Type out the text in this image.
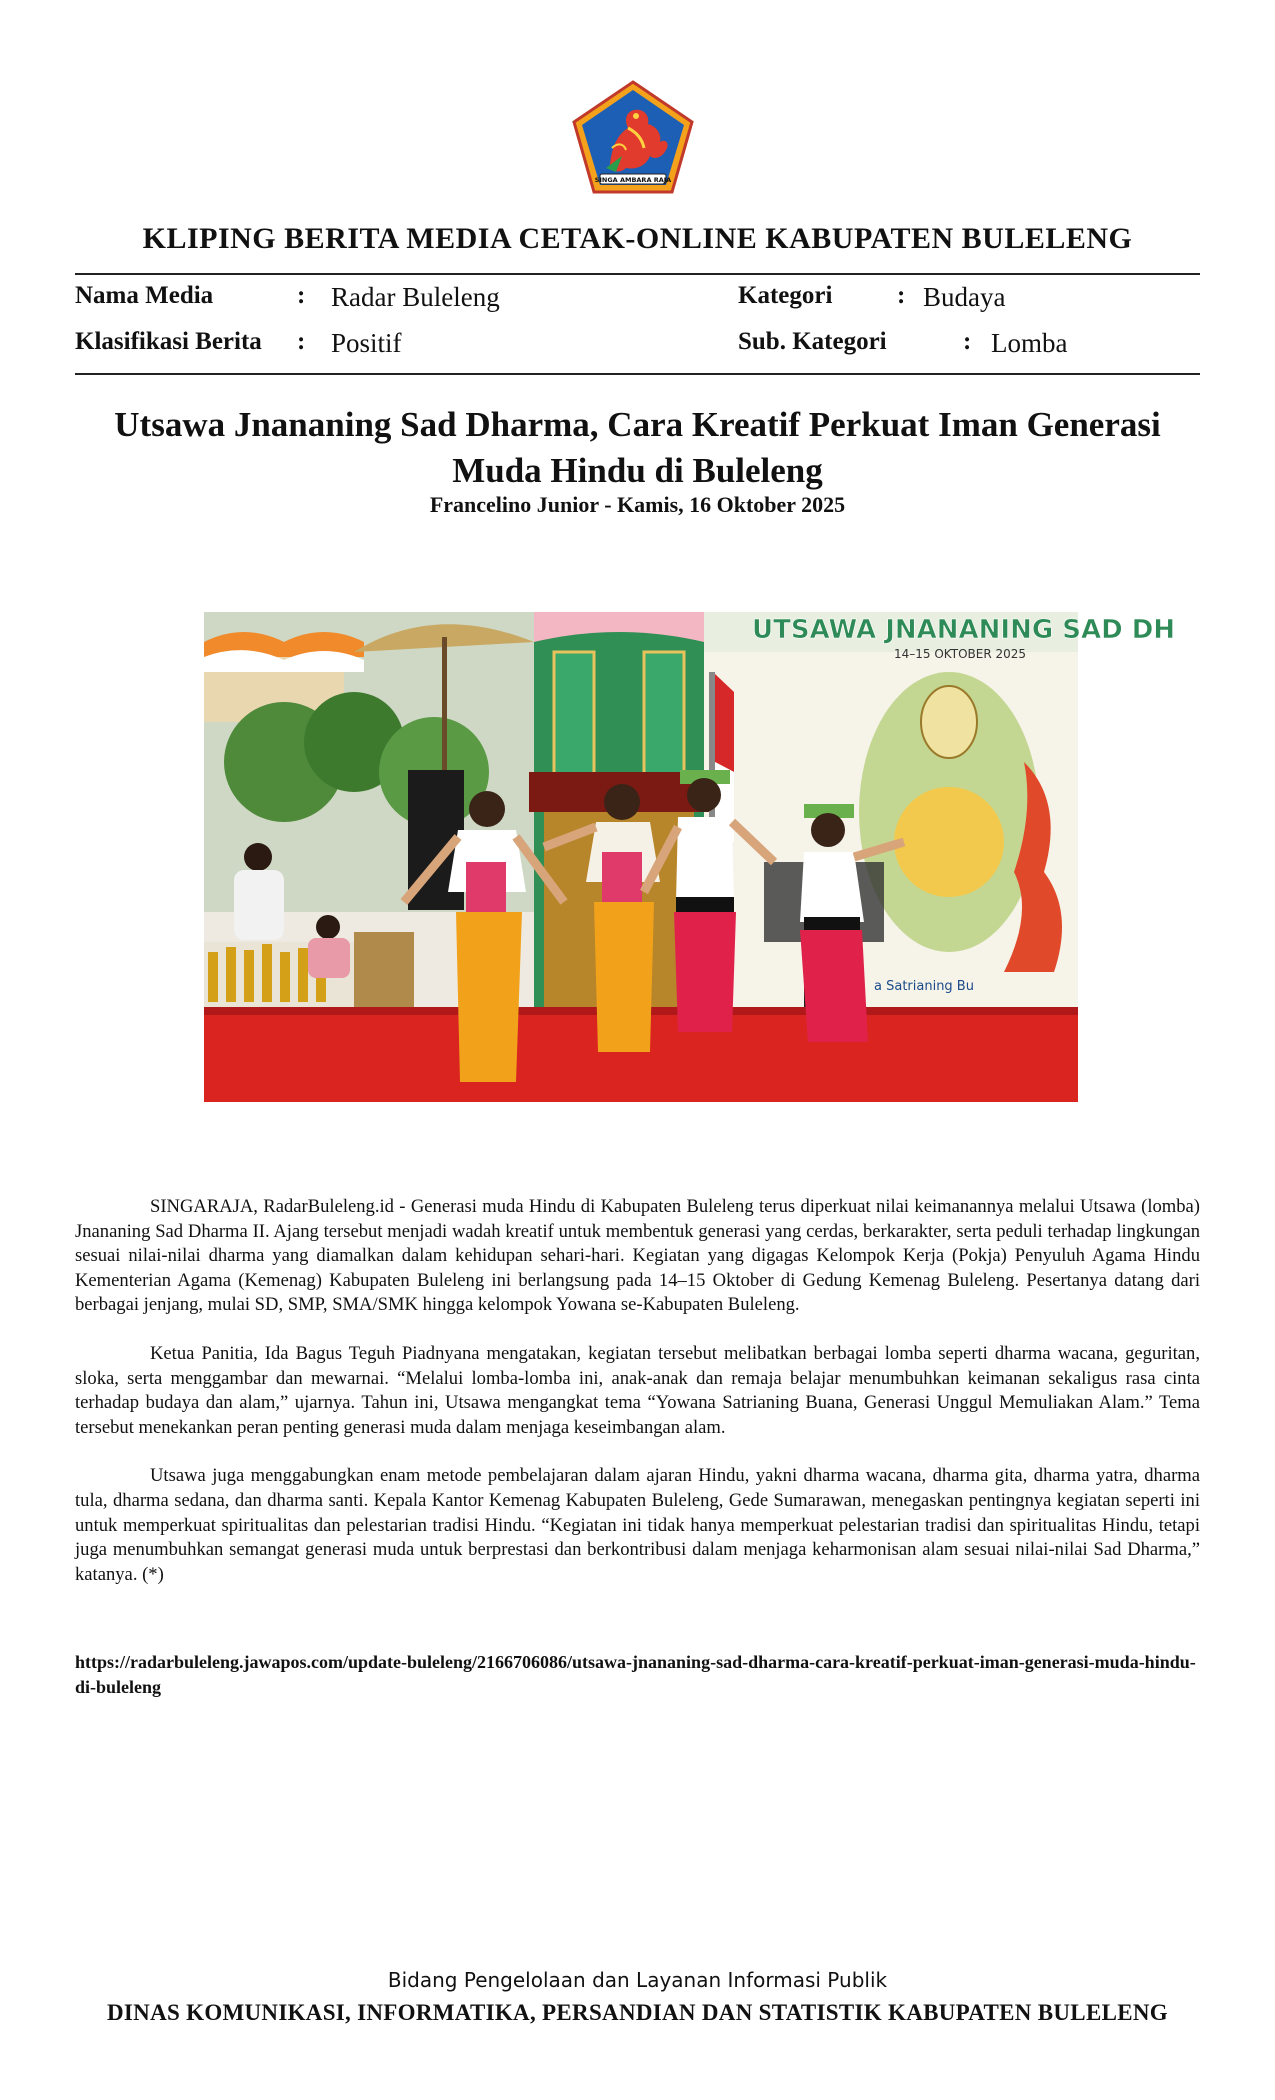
SINGA AMBARA RAJA
KLIPING BERITA MEDIA CETAK-ONLINE KABUPATEN BULELENG
Nama Media	: Radar Buleleng	Kategori	: Budaya
Klasifikasi Berita : Positif	Sub. Kategori	: Lomba
Utsawa Jnananing Sad Dharma, Cara Kreatif Perkuat Iman Generasi Muda Hindu di Buleleng
Francelino Junior - Kamis, 16 Oktober 2025
UTSAWA JNANANING SAD DH
14–15 OKTOBER 2025
a Satrianing Bu

SINGARAJA, RadarBuleleng.id - Generasi muda Hindu di Kabupaten Buleleng terus diperkuat nilai keimanannya melalui Utsawa (lomba) Jnananing Sad Dharma II. Ajang tersebut menjadi wadah kreatif untuk membentuk generasi yang cerdas, berkarakter, serta peduli terhadap lingkungan sesuai nilai-nilai dharma yang diamalkan dalam kehidupan sehari-hari. Kegiatan yang digagas Kelompok Kerja (Pokja) Penyuluh Agama Hindu Kementerian Agama (Kemenag) Kabupaten Buleleng ini berlangsung pada 14–15 Oktober di Gedung Kemenag Buleleng. Pesertanya datang dari berbagai jenjang, mulai SD, SMP, SMA/SMK hingga kelompok Yowana se-Kabupaten Buleleng.

Ketua Panitia, Ida Bagus Teguh Piadnyana mengatakan, kegiatan tersebut melibatkan berbagai lomba seperti dharma wacana, geguritan, sloka, serta menggambar dan mewarnai. “Melalui lomba-lomba ini, anak-anak dan remaja belajar menumbuhkan keimanan sekaligus rasa cinta terhadap budaya dan alam,” ujarnya. Tahun ini, Utsawa mengangkat tema “Yowana Satrianing Buana, Generasi Unggul Memuliakan Alam.” Tema tersebut menekankan peran penting generasi muda dalam menjaga keseimbangan alam.

Utsawa juga menggabungkan enam metode pembelajaran dalam ajaran Hindu, yakni dharma wacana, dharma gita, dharma yatra, dharma tula, dharma sedana, dan dharma santi. Kepala Kantor Kemenag Kabupaten Buleleng, Gede Sumarawan, menegaskan pentingnya kegiatan seperti ini untuk memperkuat spiritualitas dan pelestarian tradisi Hindu. “Kegiatan ini tidak hanya memperkuat pelestarian tradisi dan spiritualitas Hindu, tetapi juga menumbuhkan semangat generasi muda untuk berprestasi dan berkontribusi dalam menjaga keharmonisan alam sesuai nilai-nilai Sad Dharma,” katanya. (*)

https://radarbuleleng.jawapos.com/update-buleleng/2166706086/utsawa-jnananing-sad-dharma-cara-kreatif-perkuat-iman-generasi-muda-hindu-di-buleleng
Bidang Pengelolaan dan Layanan Informasi Publik
DINAS KOMUNIKASI, INFORMATIKA, PERSANDIAN DAN STATISTIK KABUPATEN BULELENG
